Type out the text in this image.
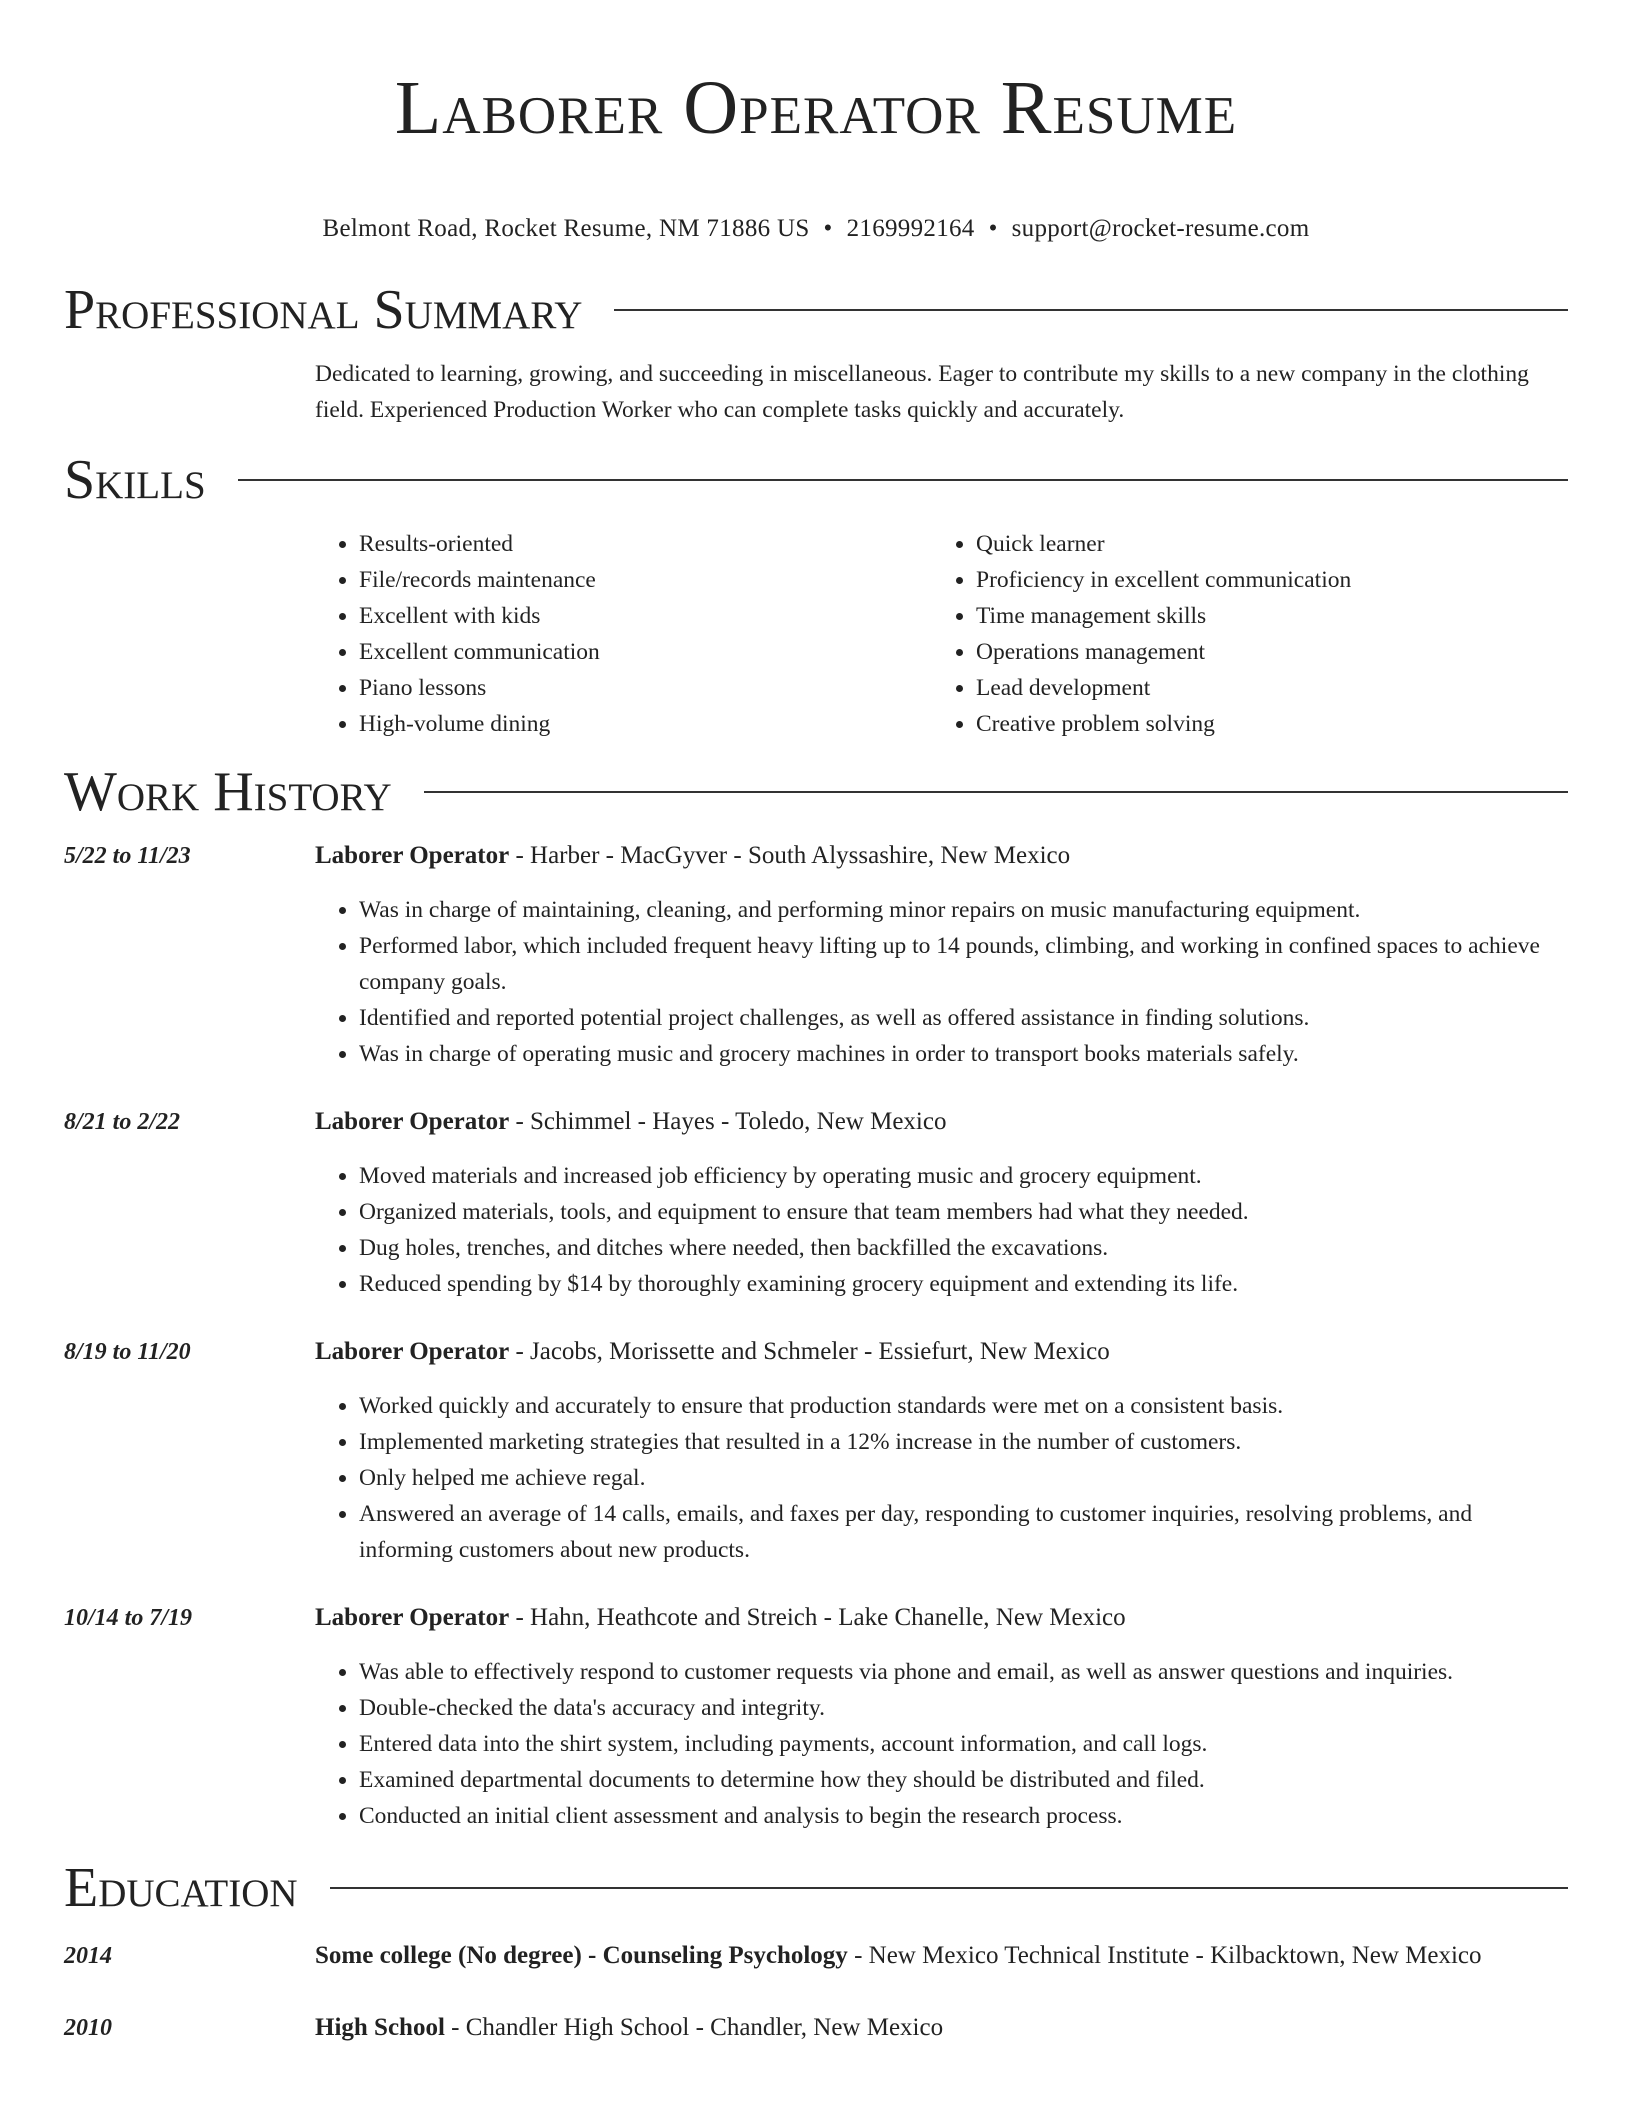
Laborer Operator Resume
Belmont Road, Rocket Resume, NM 71886 US • 2169992164 • support@rocket-resume.com
Professional Summary
Dedicated to learning, growing, and succeeding in miscellaneous. Eager to contribute my skills to a new company in the clothing field. Experienced Production Worker who can complete tasks quickly and accurately.
Skills
• Results-oriented
• File/records maintenance
• Excellent with kids
• Excellent communication
• Piano lessons
• High-volume dining
• Quick learner
• Proficiency in excellent communication
• Time management skills
• Operations management
• Lead development
• Creative problem solving
Work History
5/22 to 11/23	Laborer Operator - Harber - MacGyver - South Alyssashire, New Mexico
• Was in charge of maintaining, cleaning, and performing minor repairs on music manufacturing equipment.
• Performed labor, which included frequent heavy lifting up to 14 pounds, climbing, and working in confined spaces to achieve company goals.
• Identified and reported potential project challenges, as well as offered assistance in finding solutions.
• Was in charge of operating music and grocery machines in order to transport books materials safely.
8/21 to 2/22	Laborer Operator - Schimmel - Hayes - Toledo, New Mexico
• Moved materials and increased job efficiency by operating music and grocery equipment.
• Organized materials, tools, and equipment to ensure that team members had what they needed.
• Dug holes, trenches, and ditches where needed, then backfilled the excavations.
• Reduced spending by $14 by thoroughly examining grocery equipment and extending its life.
8/19 to 11/20	Laborer Operator - Jacobs, Morissette and Schmeler - Essiefurt, New Mexico
• Worked quickly and accurately to ensure that production standards were met on a consistent basis.
• Implemented marketing strategies that resulted in a 12% increase in the number of customers.
• Only helped me achieve regal.
• Answered an average of 14 calls, emails, and faxes per day, responding to customer inquiries, resolving problems, and informing customers about new products.
10/14 to 7/19	Laborer Operator - Hahn, Heathcote and Streich - Lake Chanelle, New Mexico
• Was able to effectively respond to customer requests via phone and email, as well as answer questions and inquiries.
• Double-checked the data's accuracy and integrity.
• Entered data into the shirt system, including payments, account information, and call logs.
• Examined departmental documents to determine how they should be distributed and filed.
• Conducted an initial client assessment and analysis to begin the research process.
Education
2014	Some college (No degree) - Counseling Psychology - New Mexico Technical Institute - Kilbacktown, New Mexico
2010	High School - Chandler High School - Chandler, New Mexico
